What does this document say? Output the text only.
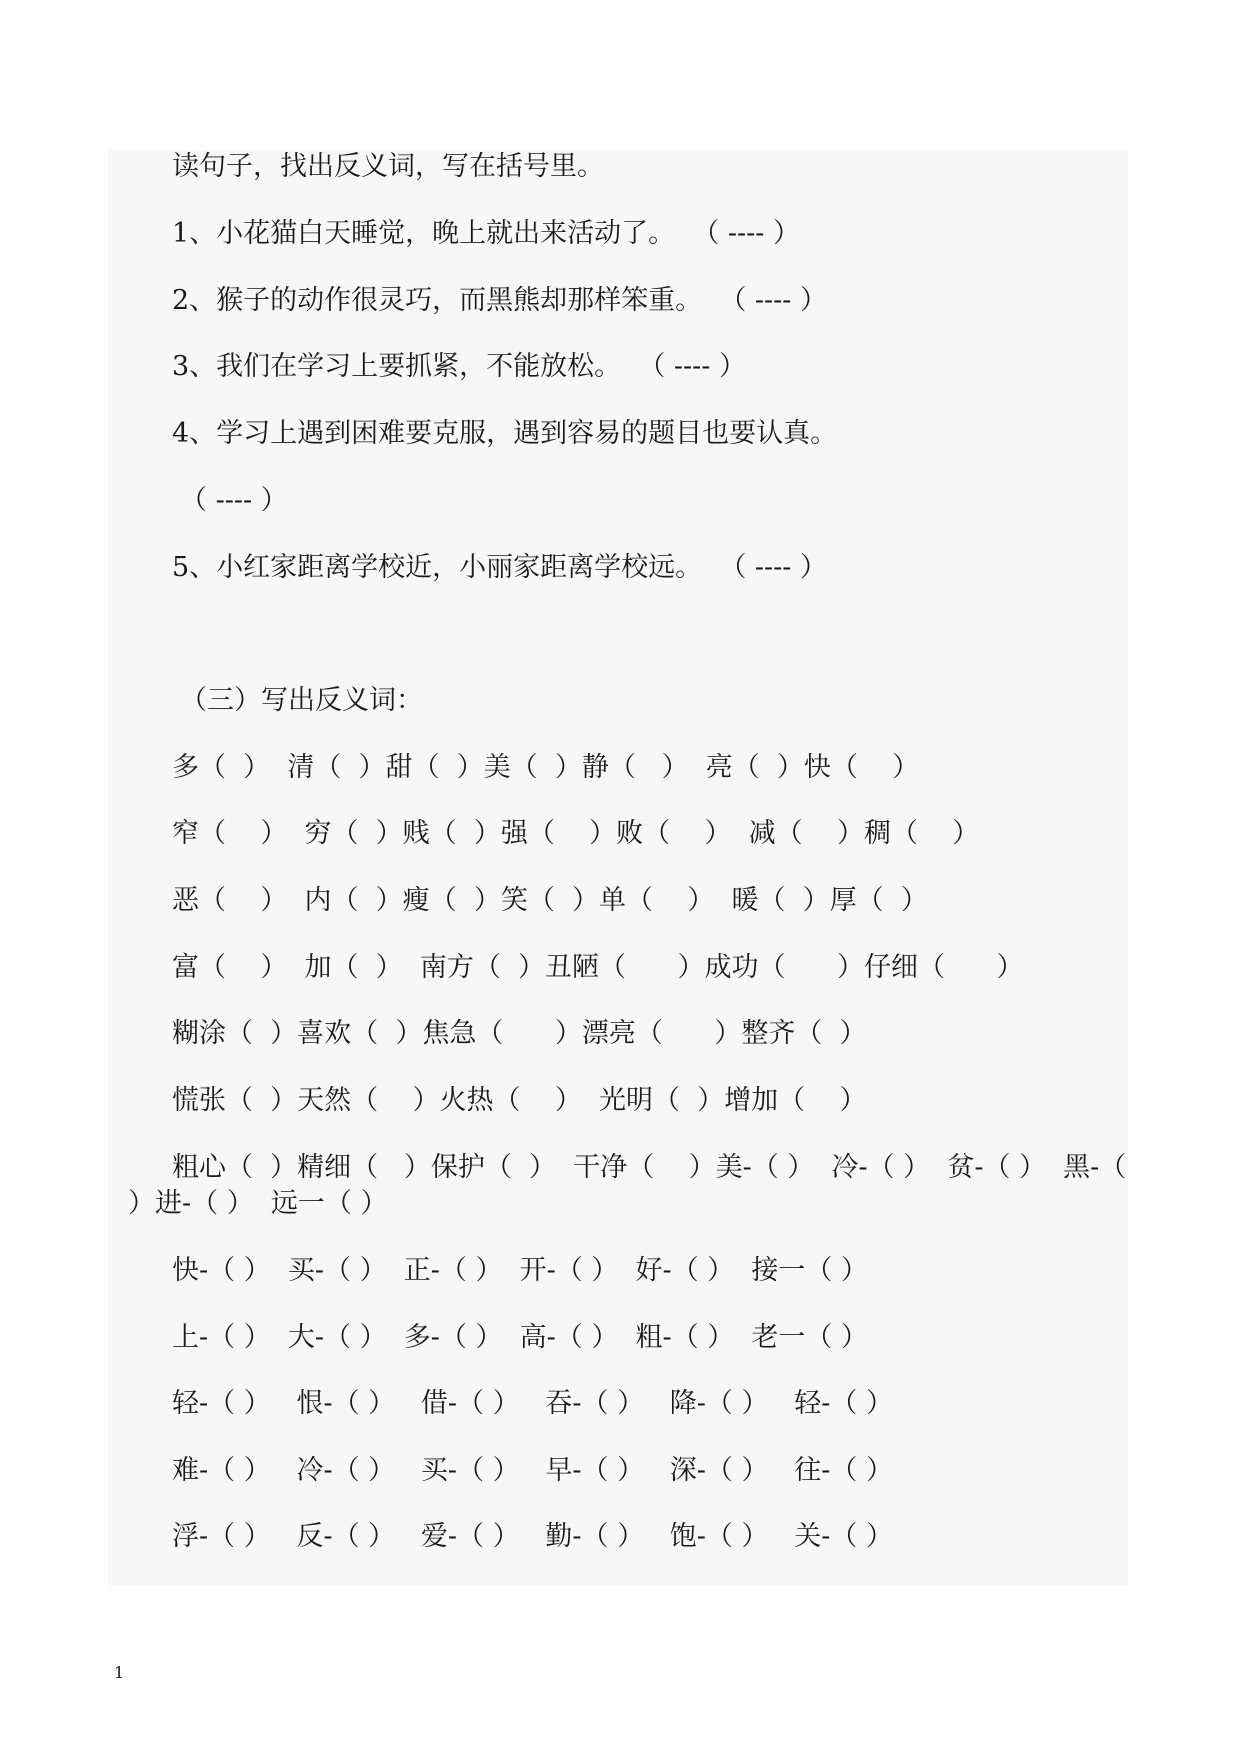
读句子，找出反义词，写在括号里。
1、小花猫白天睡觉，晚上就出来活动了。  （ ---- ）
2、猴子的动作很灵巧，而黑熊却那样笨重。  （ ---- ）
3、我们在学习上要抓紧，不能放松。  （ ---- ）
4、学习上遇到困难要克服，遇到容易的题目也要认真。
（ ---- ）
5、小红家距离学校近，小丽家距离学校远。  （ ---- ）
（三）写出反义词：
多（  ）  清（  ）甜（  ）美（  ）静（   ）  亮（  ）快（    ）
窄（    ）  穷（  ）贱（  ）强（    ）败（    ）  减（    ）稠（    ）
恶（    ）  内（  ）瘦（  ）笑（  ）单（    ）  暖（  ）厚（  ）
富（    ）  加（  ）  南方（  ）丑陋（      ）成功（      ）仔细（      ）
糊涂（  ）喜欢（  ）焦急（      ）漂亮（      ）整齐（  ）
慌张（  ）天然（    ）火热（    ）  光明（  ）增加（    ）
粗心（  ）精细（   ）保护（  ）  干净（    ）美-（ ）  冷-（ ）  贫-（ ）  黑-（
）进-（ ）  远一（ ）
快-（ ）  买-（ ）  正-（ ）  开-（ ）  好-（ ）  接一（ ）
上-（ ）  大-（ ）  多-（ ）  高-（ ）  粗-（ ）  老一（ ）
轻-（ ）   恨-（ ）   借-（ ）   吞-（ ）   降-（ ）   轻-（ ）
难-（ ）   冷-（ ）   买-（ ）   早-（ ）   深-（ ）   往-（ ）
浮-（ ）   反-（ ）   爱-（ ）   勤-（ ）   饱-（ ）   关-（ ）
1
